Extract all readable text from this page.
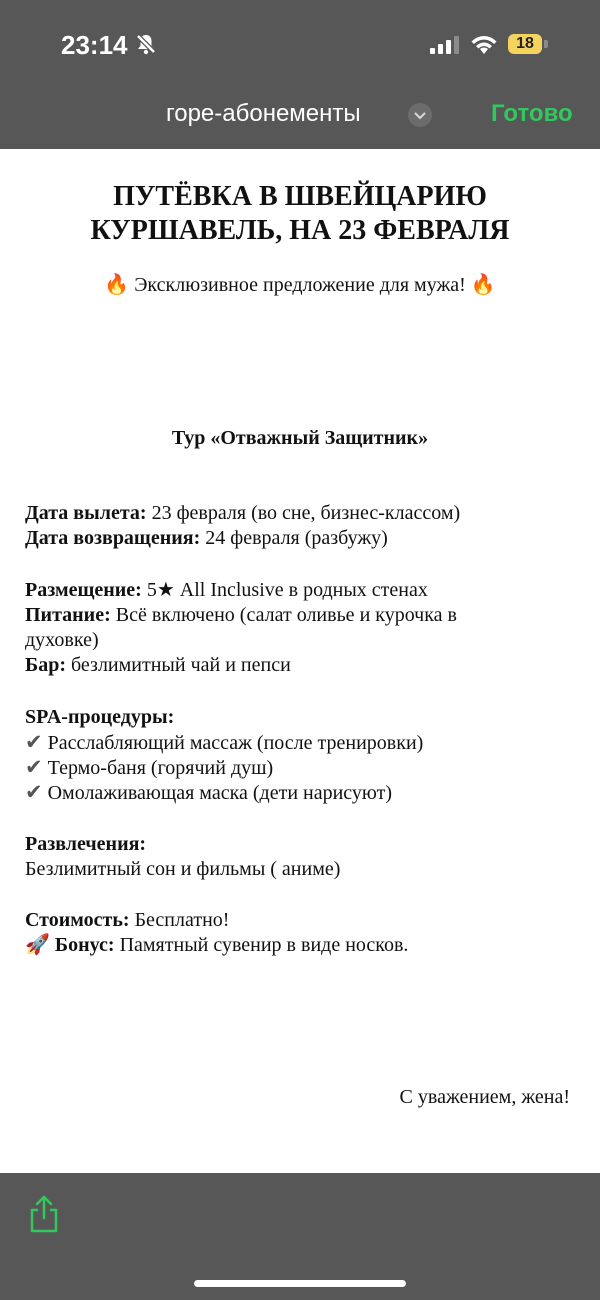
23:14	18
горе-абонементы	Готово
ПУТЁВКА В ШВЕЙЦАРИЮ
КУРШАВЕЛЬ, НА 23 ФЕВРАЛЯ
🔥 Эксклюзивное предложение для мужа! 🔥
Тур «Отважный Защитник»
Дата вылета: 23 февраля (во сне, бизнес-классом)
Дата возвращения: 24 февраля (разбужу)
Размещение: 5★ All Inclusive в родных стенах
Питание: Всё включено (салат оливье и курочка в
духовке)
Бар: безлимитный чай и пепси
SPA-процедуры:
✔ Расслабляющий массаж (после тренировки)
✔ Термо-баня (горячий душ)
✔ Омолаживающая маска (дети нарисуют)
Развлечения:
Безлимитный сон и фильмы ( аниме)
Стоимость: Бесплатно!
🚀 Бонус: Памятный сувенир в виде носков.
С уважением, жена!
